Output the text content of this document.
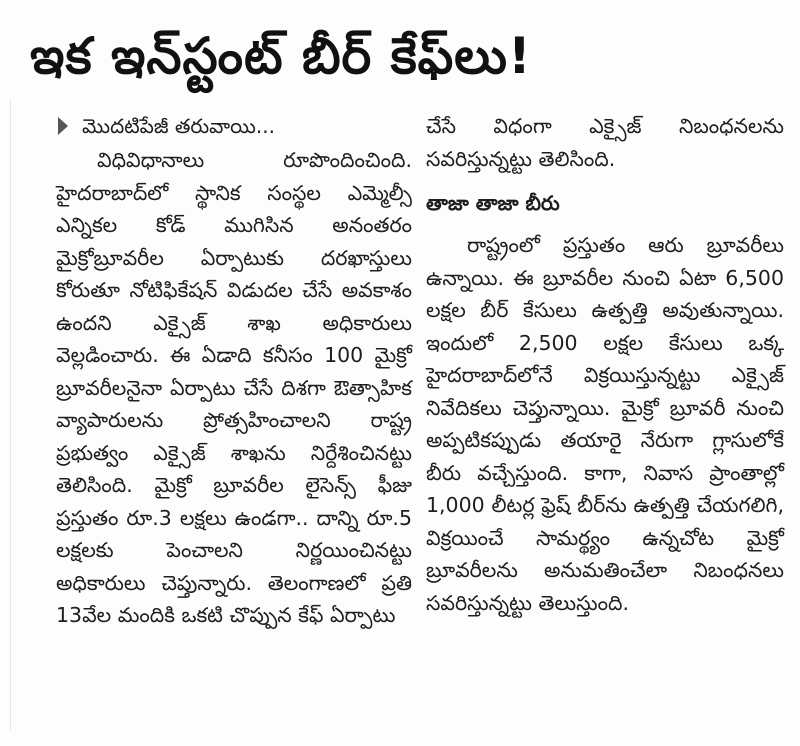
ఇక ఇన్‌స్టంట్‌ బీర్‌ కేఫ్‌లు!
మొదటిపేజీ తరువాయి...

విధివిధానాలు రూపొందించింది. హైదరాబాద్‌లో స్థానిక సంస్థల ఎమ్మెల్సీ ఎన్నికల కోడ్‌ ముగిసిన అనంతరం మైక్రో‌బ్రూవరీల ఏర్పాటుకు దరఖాస్తులు కోరుతూ నోటిఫికేషన్‌ విడుదల చేసే అవకాశం ఉందని ఎక్సైజ్‌ శాఖ అధికారులు వెల్లడించారు. ఈ ఏడాది కనీసం 100 మైక్రో బ్రూవరీలనైనా ఏర్పాటు చేసే దిశగా ఔత్సాహిక వ్యాపారులను ప్రోత్సహించాలని రాష్ట్ర ప్రభుత్వం ఎక్సైజ్‌ శాఖను నిర్దేశించినట్టు తెలిసింది. మైక్రో బ్రూవరీల లైసెన్స్‌ ఫీజు ప్రస్తుతం రూ.3 లక్షలు ఉండగా.. దాన్ని రూ.5 లక్షలకు పెంచాలని నిర్ణయించినట్టు అధికారులు చెప్తున్నారు. తెలంగాణలో ప్రతి 13వేల మందికి ఒకటి చొప్పున కేఫ్‌ ఏర్పాటు

చేసే విధంగా ఎక్సైజ్‌ నిబంధనలను సవరిస్తున్నట్టు తెలిసింది.

తాజా తాజా బీరు

రాష్ట్రంలో ప్రస్తుతం ఆరు బ్రూవరీలు ఉన్నాయి. ఈ బ్రూవరీల నుంచి ఏటా 6,500 లక్షల బీర్‌ కేసులు ఉత్పత్తి అవుతున్నాయి. ఇందులో 2,500 లక్షల కేసులు ఒక్క హైదరాబాద్‌లోనే విక్రయిస్తున్నట్టు ఎక్సైజ్‌ నివేదికలు చెప్తున్నాయి. మైక్రో బ్రూవరీ నుంచి అప్పటికప్పుడు తయారై నేరుగా గ్లాసులోకే బీరు వచ్చేస్తుంది. కాగా, నివాస ప్రాంతాల్లో 1,000 లీటర్ల ఫ్రెష్‌ బీర్‌ను ఉత్పత్తి చేయగలిగి, విక్రయించే సామర్థ్యం ఉన్నచోట మైక్రో బ్రూవరీలను అనుమతించేలా నిబంధనలు సవరిస్తున్నట్టు తెలుస్తుంది.
